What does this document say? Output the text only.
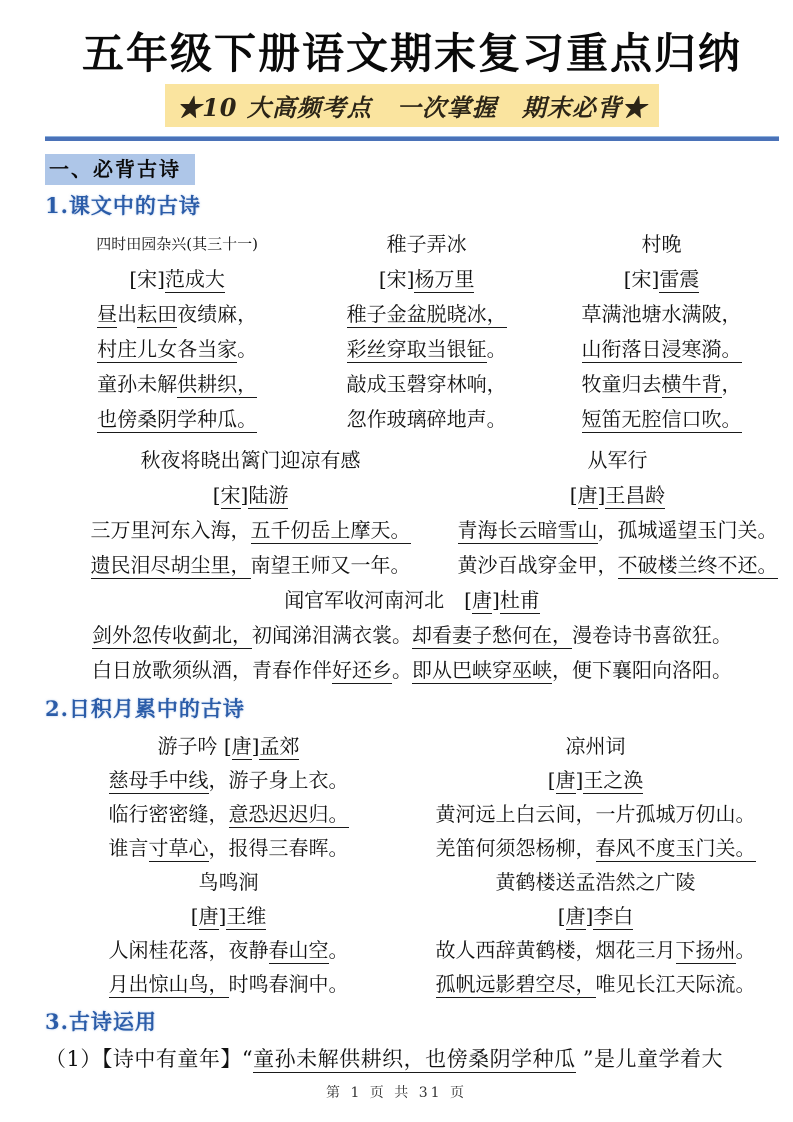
五年级下册语文期末复习重点归纳
★10 大高频考点　一次掌握　期末必背★
一、必背古诗
1.课文中的古诗
四时田园杂兴(其三十一)
[宋]范成大
昼出耘田夜绩麻，
村庄儿女各当家。
童孙未解供耕织，
也傍桑阴学种瓜。
稚子弄冰
[宋]杨万里
稚子金盆脱晓冰，
彩丝穿取当银钲。
敲成玉磬穿林响，
忽作玻璃碎地声。
村晚
[宋]雷震
草满池塘水满陂，
山衔落日浸寒漪。
牧童归去横牛背，
短笛无腔信口吹。
秋夜将晓出篱门迎凉有感
[宋]陆游
三万里河东入海，五千仞岳上摩天。
遗民泪尽胡尘里，南望王师又一年。
从军行
[唐]王昌龄
青海长云暗雪山，孤城遥望玉门关。
黄沙百战穿金甲，不破楼兰终不还。
闻官军收河南河北　[唐]杜甫
剑外忽传收蓟北，初闻涕泪满衣裳。却看妻子愁何在，漫卷诗书喜欲狂。
白日放歌须纵酒，青春作伴好还乡。即从巴峡穿巫峡，便下襄阳向洛阳。
2.日积月累中的古诗
游子吟 [唐]孟郊
慈母手中线，游子身上衣。
临行密密缝，意恐迟迟归。
谁言寸草心，报得三春晖。
鸟鸣涧
[唐]王维
人闲桂花落，夜静春山空。
月出惊山鸟，时鸣春涧中。
凉州词
[唐]王之涣
黄河远上白云间，一片孤城万仞山。
羌笛何须怨杨柳，春风不度玉门关。
黄鹤楼送孟浩然之广陵
[唐]李白
故人西辞黄鹤楼，烟花三月下扬州。
孤帆远影碧空尽，唯见长江天际流。
3.古诗运用
（1）【诗中有童年】“童孙未解供耕织，也傍桑阴学种瓜 ”是儿童学着大
第 1 页 共 31 页
